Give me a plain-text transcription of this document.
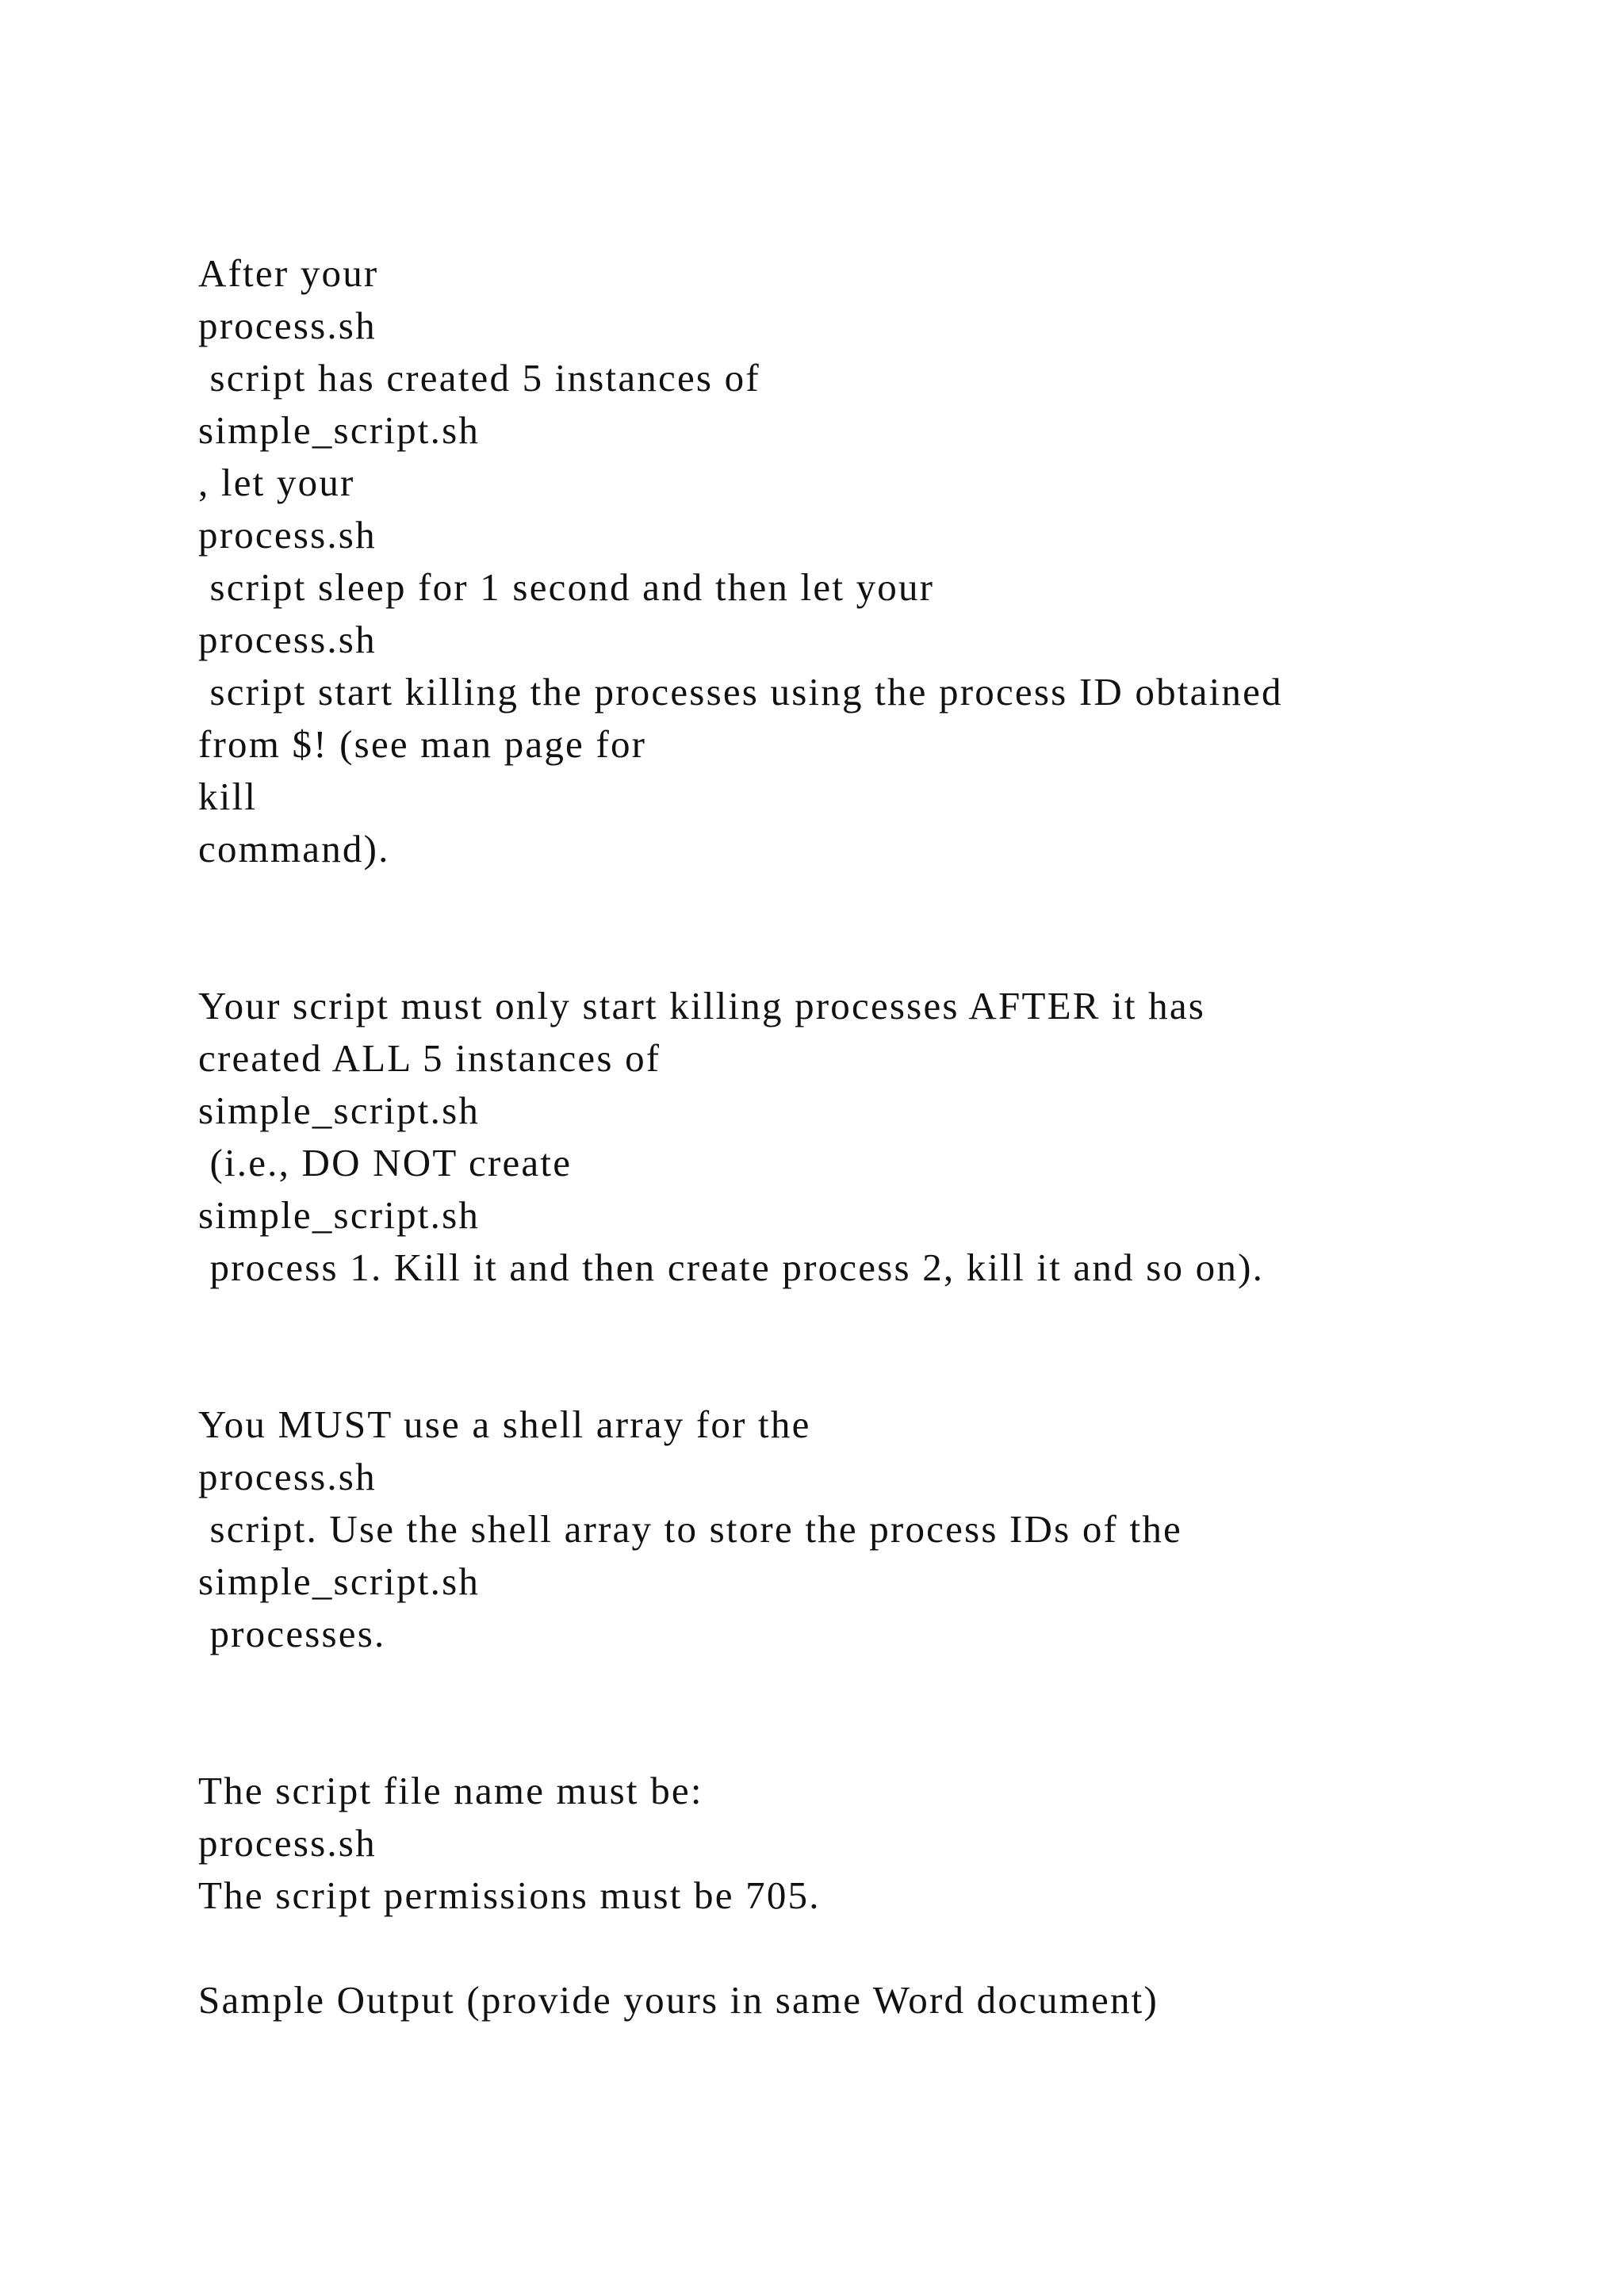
After your
process.sh
script has created 5 instances of
simple_script.sh
, let your
process.sh
script sleep for 1 second and then let your
process.sh
script start killing the processes using the process ID obtained
from $! (see man page for
kill
command).
Your script must only start killing processes AFTER it has
created ALL 5 instances of
simple_script.sh
(i.e., DO NOT create
simple_script.sh
process 1. Kill it and then create process 2, kill it and so on).
You MUST use a shell array for the
process.sh
script. Use the shell array to store the process IDs of the
simple_script.sh
processes.
The script file name must be:
process.sh
The script permissions must be 705.
Sample Output (provide yours in same Word document)
